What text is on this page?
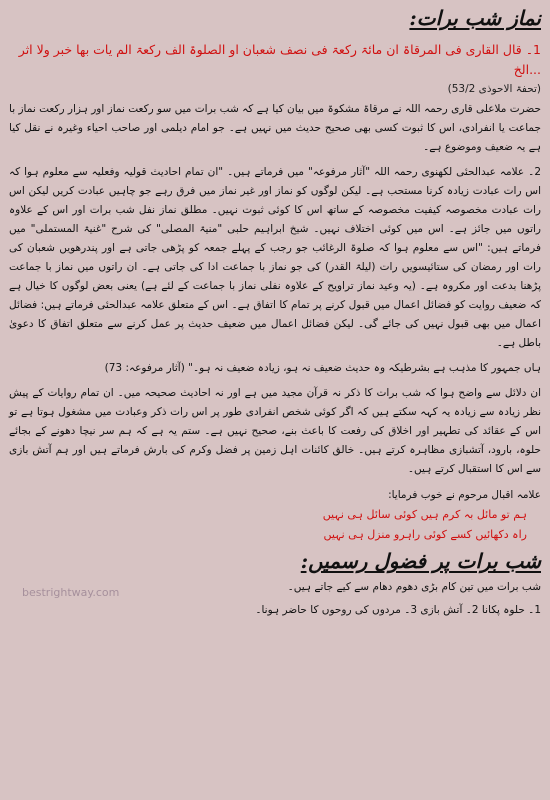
نماز شب برات:

1۔ قال القاری فی المرقاۃ ان مائۃ رکعۃ فی نصف شعبان او الصلوۃ الف رکعۃ الم یات بھا خبر ولا اثر ...الخ

(تحفۃ الاحوذی 53/2)

حضرت ملاعلی قاری رحمہ اللہ نے مرقاۃ مشکوۃ میں بیان کیا ہے کہ شب برات میں سو رکعت نماز اور ہزار رکعت نماز با جماعت یا انفرادی، اس کا ثبوت کسی بھی صحیح حدیث میں نہیں ہے۔ جو امام دیلمی اور صاحب احیاء وغیرہ نے نقل کیا ہے یہ ضعیف وموضوع ہے۔

2۔ علامہ عبدالحئی لکھنوی رحمہ اللہ "آثار مرفوعہ" میں فرماتے ہیں۔ "ان تمام احادیث قولیہ وفعلیہ سے معلوم ہوا کہ اس رات عبادت زیادہ کرنا مستحب ہے۔ لیکن لوگوں کو نماز اور غیر نماز میں فرق رہے جو چاہیں عبادت کریں لیکن اس رات عبادت مخصوصہ کیفیت مخصوصہ کے ساتھ اس کا کوئی ثبوت نہیں۔ مطلق نماز نفل شب برات اور اس کے علاوہ راتوں میں جائز ہے۔ اس میں کوئی اختلاف نہیں۔ شیخ ابراہیم حلبی "منیۃ المصلی" کی شرح "غنیۃ المستملی" میں فرماتے ہیں: "اس سے معلوم ہوا کہ صلوۃ الرغائب جو رجب کے پہلے جمعہ کو پڑھی جاتی ہے اور پندرھویں شعبان کی رات اور رمضان کی ستائیسویں رات (لیلۃ القدر) کی جو نماز با جماعت ادا کی جاتی ہے۔ ان راتوں میں نماز با جماعت پڑھنا بدعت اور مکروہ ہے۔ (یہ وعید نماز تراویح کے علاوہ نفلی نماز با جماعت کے لئے ہے) یعنی بعض لوگوں کا خیال ہے کہ ضعیف روایت کو فضائل اعمال میں قبول کرنے پر تمام کا اتفاق ہے۔ اس کے متعلق علامہ عبدالحئی فرماتے ہیں: فضائل اعمال میں بھی قبول نہیں کی جائے گی۔ لیکن فضائل اعمال میں ضعیف حدیث پر عمل کرنے سے متعلق اتفاق کا دعویٰ باطل ہے۔

ہاں جمہور کا مذہب ہے بشرطیکہ وہ حدیث ضعیف نہ ہو، زیادہ ضعیف نہ ہو۔" (آثار مرفوعہ: 73)

ان دلائل سے واضح ہوا کہ شب برات کا ذکر نہ قرآن مجید میں ہے اور نہ احادیث صحیحہ میں۔ ان تمام روایات کے پیش نظر زیادہ سے زیادہ یہ کہہ سکتے ہیں کہ اگر کوئی شخص انفرادی طور پر اس رات ذکر وعبادت میں مشغول ہوتا ہے تو اس کے عقائد کی تطہیر اور اخلاق کی رفعت کا باعث بنے، صحیح نہیں ہے۔ ستم یہ ہے کہ ہم سر نیچا دھونے کے بجائے حلوہ، بارود، آتشبازی مظاہرہ کرتے ہیں۔ خالق کائنات اہل زمین پر فضل وکرم کی بارش فرماتے ہیں اور ہم آتش بازی سے اس کا استقبال کرتے ہیں۔

علامہ اقبال مرحوم نے خوب فرمایا:

ہم تو مائل بہ کرم ہیں کوئی سائل ہی نہیں

راہ دکھائیں کسے کوئی راہرو منزل ہی نہیں

شب برات پر فضول رسمیں:

شب برات میں تین کام بڑی دھوم دھام سے کیے جاتے ہیں۔

1۔ حلوہ پکانا 2۔ آتش بازی 3۔ مردوں کی روحوں کا حاضر ہونا۔

bestrightway.com
